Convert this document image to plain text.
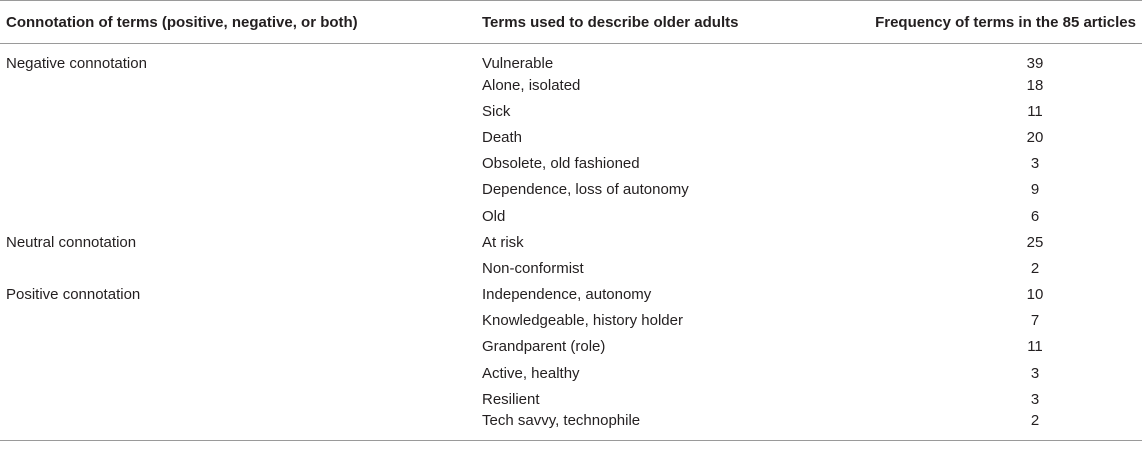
Connotation of terms (positive, negative, or both)	Terms used to describe older adults	Frequency of terms in the 85 articles
Negative connotation	Vulnerable	39
	Alone, isolated	18
	Sick	11
	Death	20
	Obsolete, old fashioned	3
	Dependence, loss of autonomy	9
	Old	6
Neutral connotation	At risk	25
	Non-conformist	2
Positive connotation	Independence, autonomy	10
	Knowledgeable, history holder	7
	Grandparent (role)	11
	Active, healthy	3
	Resilient	3
	Tech savvy, technophile	2
